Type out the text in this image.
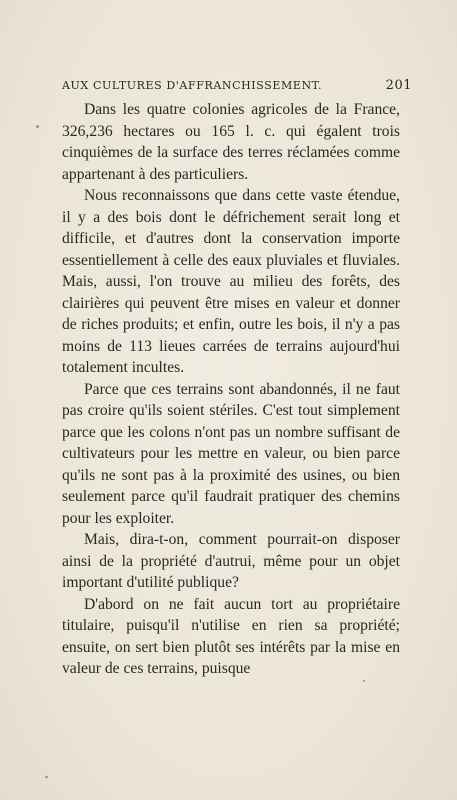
AUX CULTURES D'AFFRANCHISSEMENT.	201

Dans les quatre colonies agricoles de la France, 326,236 hectares ou 165 l. c. qui égalent trois cinquièmes de la surface des terres réclamées comme appartenant à des particuliers.

Nous reconnaissons que dans cette vaste étendue, il y a des bois dont le défrichement serait long et difficile, et d'autres dont la conservation importe essentiellement à celle des eaux pluviales et fluviales. Mais, aussi, l'on trouve au milieu des forêts, des clairières qui peuvent être mises en valeur et donner de riches produits; et enfin, outre les bois, il n'y a pas moins de 113 lieues carrées de terrains aujourd'hui totalement incultes.

Parce que ces terrains sont abandonnés, il ne faut pas croire qu'ils soient stériles. C'est tout simplement parce que les colons n'ont pas un nombre suffisant de cultivateurs pour les mettre en valeur, ou bien parce qu'ils ne sont pas à la proximité des usines, ou bien seulement parce qu'il faudrait pratiquer des chemins pour les exploiter.

Mais, dira-t-on, comment pourrait-on disposer ainsi de la propriété d'autrui, même pour un objet important d'utilité publique?

D'abord on ne fait aucun tort au propriétaire titulaire, puisqu'il n'utilise en rien sa propriété; ensuite, on sert bien plutôt ses intérêts par la mise en valeur de ces terrains, puisque
